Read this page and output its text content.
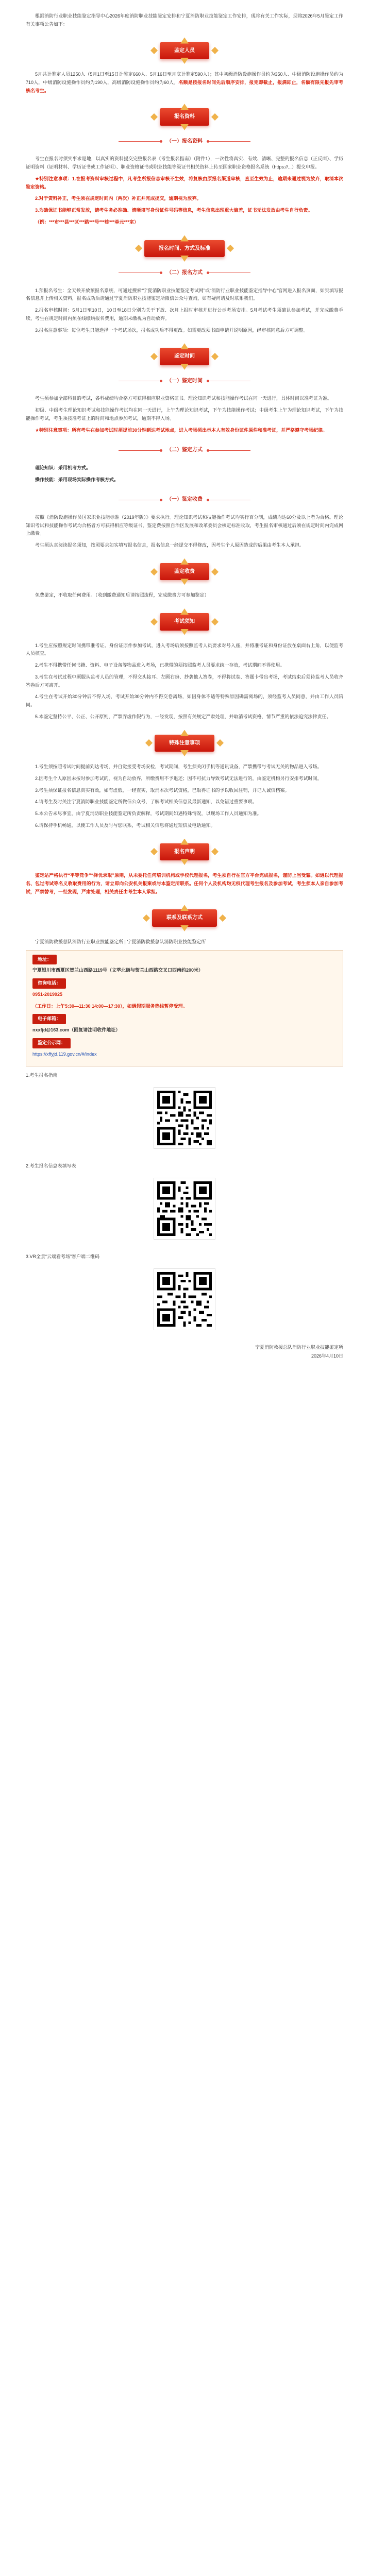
根据消防行业职业技能鉴定指导中心2026年度消防职业技能鉴定安排和宁夏消防职业技能鉴定工作安排，现将有关工作实际，现将2026年5月鉴定工作有关事项公告如下：

鉴定人员

5月共计鉴定人员1250人（5月1日至15日计鉴定660人、5月16日至月底计鉴定590人）；其中初级消防设施操作员约为350人、中级消防设施操作员约为710人，中级消防设施操作员约为190人，高级消防设施操作员约为60人。名额是按报名时间先后顺序安排，报完即截止，报满即止，名额有限先报先审考核名考生。

报名资料
（一）报名资料

考生在报名时须实事求是地，以真实的资料提交完整报名表《考生报名指南》（附件1），一次性将真实、有效、清晰、完整的报名信息（正反面）、学历证明资料（证明材料、学历证书或工作证明）、职业资格证书或职业技能等级证书相关资料上传至国家职业资格报名系统（https://...）提交申报。

★特别注意事项：1.在报考资料审核过程中，凡考生所报信息审核不生效，将复核由原报名渠道审核，直至生效为止，逾期未通过视为放弃，取消本次鉴定资格。

2.对于资料补正，考生须在规定时间内（两次）补正并完成提交，逾期视为放弃。

3.为确保证书能够正常发放，请考生务必准确、清晰填写身份证件号码等信息，考生信息出现重大偏差，证书无法发放由考生自行负责。

（例：***市***县***区***路***号***栋***单元***室）

报名时间、方式及标准
（二）报名方式

1.预报名考生：全天候开放预报名系统，可通过搜索“宁夏消防职业技能鉴定考试网”或“消防行业职业技能鉴定指导中心”官网进入报名页面，如实填写报名信息并上传相关资料，报名成功后请通过宁夏消防职业技能鉴定所微信公众号查询，如有疑问请及时联系我们。

2.报名审核时间：5月1日至10日，10日至18日分别为关于下放、次月上报时审核并进行公示考场安排。5月考试考生须确认参加考试，并完成缴费手续，考生在规定时间内须在线缴纳报名费用，逾期未缴视为自动放弃。

3.报名注意事项：每位考生只能选择一个考试场次，报名成功后不得更改。如需更改须书面申请并说明原因，经审核同意后方可调整。

鉴定时间
（一）鉴定时间

考生须参加全部科目的考试，各科成绩均合格方可获得相应职业资格证书。理论知识考试和技能操作考试在同一天进行，具体时间以准考证为准。

初级、中级考生理论知识考试和技能操作考试均在同一天进行，上午为理论知识考试，下午为技能操作考试；中级考生上午为理论知识考试，下午为技能操作考试，考生须按准考证上的时间和地点参加考试，逾期不得入场。

★特别注意事项：所有考生在参加考试时须提前30分钟到达考试地点，进入考场须出示本人有效身份证件原件和准考证，并严格遵守考场纪律。

（二）鉴定方式

理论知识：采用机考方式。

操作技能：采用现场实际操作考核方式。

（一）鉴定收费

按照《消防设施操作员国家职业技能标准（2019年版）》要求执行。理论知识考试和技能操作考试均实行百分制，成绩均达60分及以上者为合格。理论知识考试和技能操作考试均合格者方可获得相应等级证书，鉴定费按照自治区发展和改革委员会核定标准收取，考生报名审核通过后须在规定时间内完成网上缴费。

考生须认真阅读报名须知，按照要求如实填写报名信息，报名信息一经提交不得修改，因考生个人原因造成的后果由考生本人承担。

鉴定收费

免费鉴定，不收取任何费用。（收到缴费通知后请按照流程，完成缴费方可参加鉴定）

考试须知

1.考生应按照规定时间携带准考证、身份证原件参加考试，进入考场后须按照监考人员要求对号入座，并将准考证和身份证放在桌面右上角，以便监考人员核查。

2.考生不得携带任何书籍、资料、电子设备等物品进入考场，已携带的须按照监考人员要求统一存放，考试期间不得使用。

3.考生在考试过程中须服从监考人员的管理，不得交头接耳、左顾右盼、抄袭他人答卷，不得将试卷、答题卡带出考场，考试结束后须待监考人员收齐答卷后方可离开。

4.考生在考试开始30分钟后不得入场，考试开始30分钟内不得交卷离场，如因身体不适等特殊原因确需离场的，须经监考人员同意，并由工作人员陪同。

5.本鉴定坚持公平、公正、公开原则，严禁弄虚作假行为，一经发现，按照有关规定严肃处理，并取消考试资格，情节严重的依法追究法律责任。

特殊注意事项

1.考生须按照考试时间提前到达考场，并自觉接受考场安检，考试期间，考生须关闭手机等通讯设备，严禁携带与考试无关的物品进入考场。

2.因考生个人原因未按时参加考试的，视为自动放弃，所缴费用不予退还；因不可抗力导致考试无法进行的，由鉴定机构另行安排考试时间。

3.考生须保证报名信息真实有效，如有虚假，一经查实，取消本次考试资格，已取得证书的予以收回注销，并记入诚信档案。

4.请考生及时关注宁夏消防职业技能鉴定所微信公众号，了解考试相关信息及最新通知，以免错过重要事项。

5.本公告未尽事宜，由宁夏消防职业技能鉴定所负责解释，考试期间如遇特殊情况，以现场工作人员通知为准。

6.请保持手机畅通，以便工作人员及时与您联系，考试相关信息将通过短信及电话通知。

报名声明

鉴定站严格执行“平等竞争”“择优录取”原则，从未委托任何培训机构或学校代理报名，考生须自行在官方平台完成报名，谨防上当受骗。如遇以代理报名、包过考试等名义收取费用的行为，请立即向公安机关报案或与本鉴定所联系。任何个人及机构均无权代理考生报名及参加考试，考生须本人亲自参加考试，严禁替考，一经发现，严肃处理，相关责任由考生本人承担。

联系及联系方式

宁夏消防救援总队消防行业职业技能鉴定所 | 宁夏消防救援总队消防职业技能鉴定所

地址：

宁夏银川市西夏区贺兰山西路1119号（文萃北街与贺兰山西路交叉口西南约200米）

咨询电话：

0951-2019925

（工作日：上午5:30—11:30 14:00—17:30），如遇假期服务热线暂停受理。

电子邮箱：

nxxfjd@163.com（回复请注明收件地址）

鉴定公示网：

https://xffyjd.119.gov.cn/#/index

1.考生报名指南

2.考生报名信息表填写表

3.VR全景“云端看考场”客户端二维码

宁夏消防救援总队消防行业职业技能鉴定所

2026年4月10日
